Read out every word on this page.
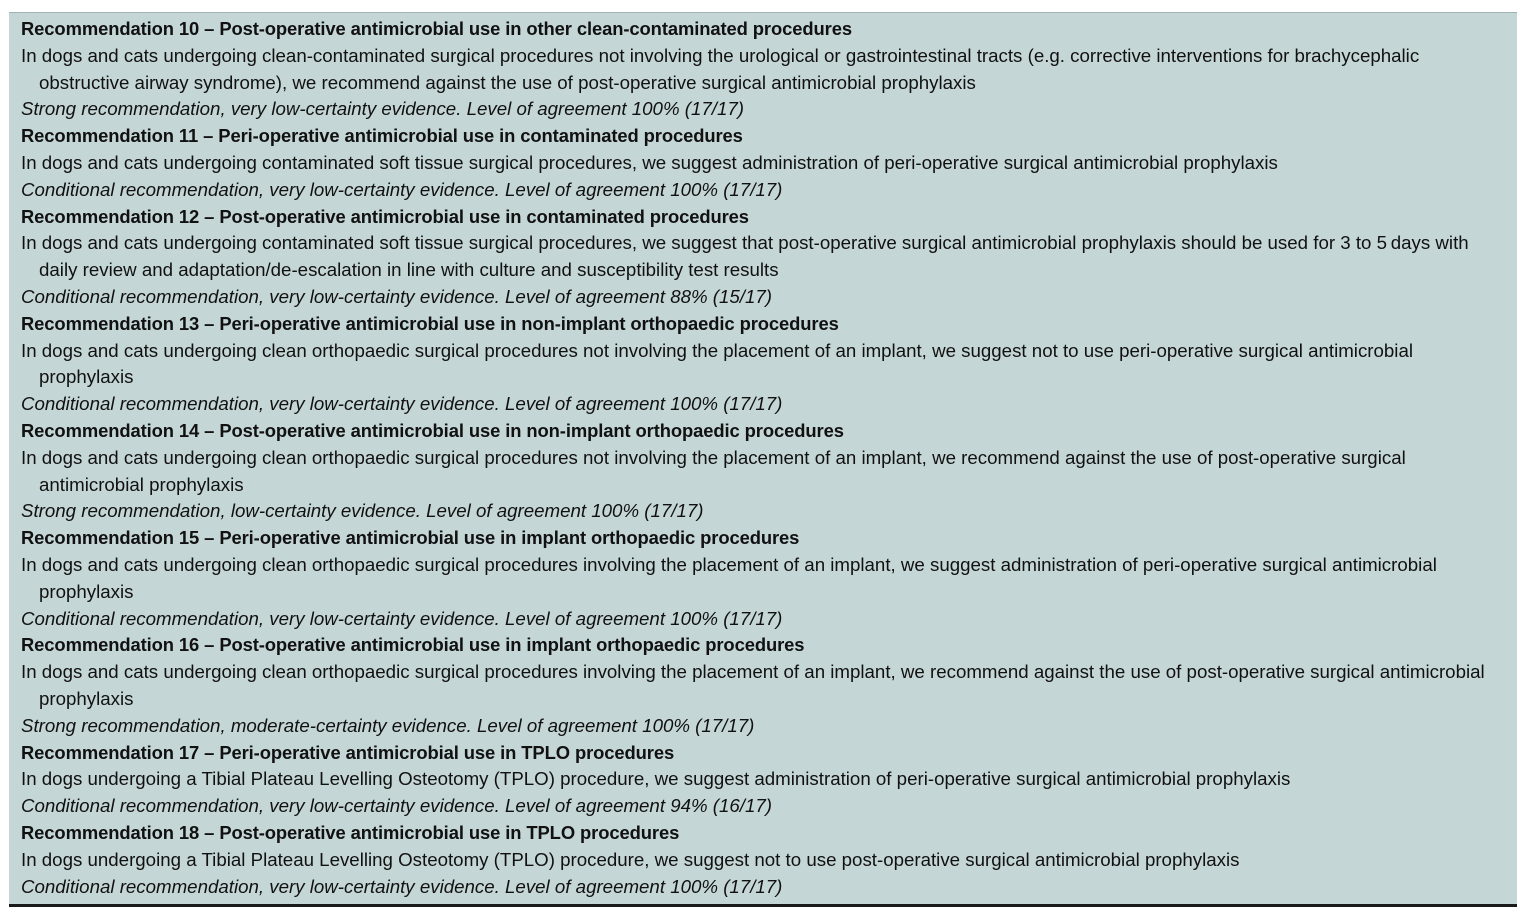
Recommendation 10 – Post-operative antimicrobial use in other clean-contaminated procedures
In dogs and cats undergoing clean-contaminated surgical procedures not involving the urological or gastrointestinal tracts (e.g. corrective interventions for brachycephalic obstructive airway syndrome), we recommend against the use of post-operative surgical antimicrobial prophylaxis
Strong recommendation, very low-certainty evidence. Level of agreement 100% (17/17)
Recommendation 11 – Peri-operative antimicrobial use in contaminated procedures
In dogs and cats undergoing contaminated soft tissue surgical procedures, we suggest administration of peri-operative surgical antimicrobial prophylaxis
Conditional recommendation, very low-certainty evidence. Level of agreement 100% (17/17)
Recommendation 12 – Post-operative antimicrobial use in contaminated procedures
In dogs and cats undergoing contaminated soft tissue surgical procedures, we suggest that post-operative surgical antimicrobial prophylaxis should be used for 3 to 5 days with daily review and adaptation/de-escalation in line with culture and susceptibility test results
Conditional recommendation, very low-certainty evidence. Level of agreement 88% (15/17)
Recommendation 13 – Peri-operative antimicrobial use in non-implant orthopaedic procedures
In dogs and cats undergoing clean orthopaedic surgical procedures not involving the placement of an implant, we suggest not to use peri-operative surgical antimicrobial prophylaxis
Conditional recommendation, very low-certainty evidence. Level of agreement 100% (17/17)
Recommendation 14 – Post-operative antimicrobial use in non-implant orthopaedic procedures
In dogs and cats undergoing clean orthopaedic surgical procedures not involving the placement of an implant, we recommend against the use of post-operative surgical antimicrobial prophylaxis
Strong recommendation, low-certainty evidence. Level of agreement 100% (17/17)
Recommendation 15 – Peri-operative antimicrobial use in implant orthopaedic procedures
In dogs and cats undergoing clean orthopaedic surgical procedures involving the placement of an implant, we suggest administration of peri-operative surgical antimicrobial prophylaxis
Conditional recommendation, very low-certainty evidence. Level of agreement 100% (17/17)
Recommendation 16 – Post-operative antimicrobial use in implant orthopaedic procedures
In dogs and cats undergoing clean orthopaedic surgical procedures involving the placement of an implant, we recommend against the use of post-operative surgical antimicrobial prophylaxis
Strong recommendation, moderate-certainty evidence. Level of agreement 100% (17/17)
Recommendation 17 – Peri-operative antimicrobial use in TPLO procedures
In dogs undergoing a Tibial Plateau Levelling Osteotomy (TPLO) procedure, we suggest administration of peri-operative surgical antimicrobial prophylaxis
Conditional recommendation, very low-certainty evidence. Level of agreement 94% (16/17)
Recommendation 18 – Post-operative antimicrobial use in TPLO procedures
In dogs undergoing a Tibial Plateau Levelling Osteotomy (TPLO) procedure, we suggest not to use post-operative surgical antimicrobial prophylaxis
Conditional recommendation, very low-certainty evidence. Level of agreement 100% (17/17)
